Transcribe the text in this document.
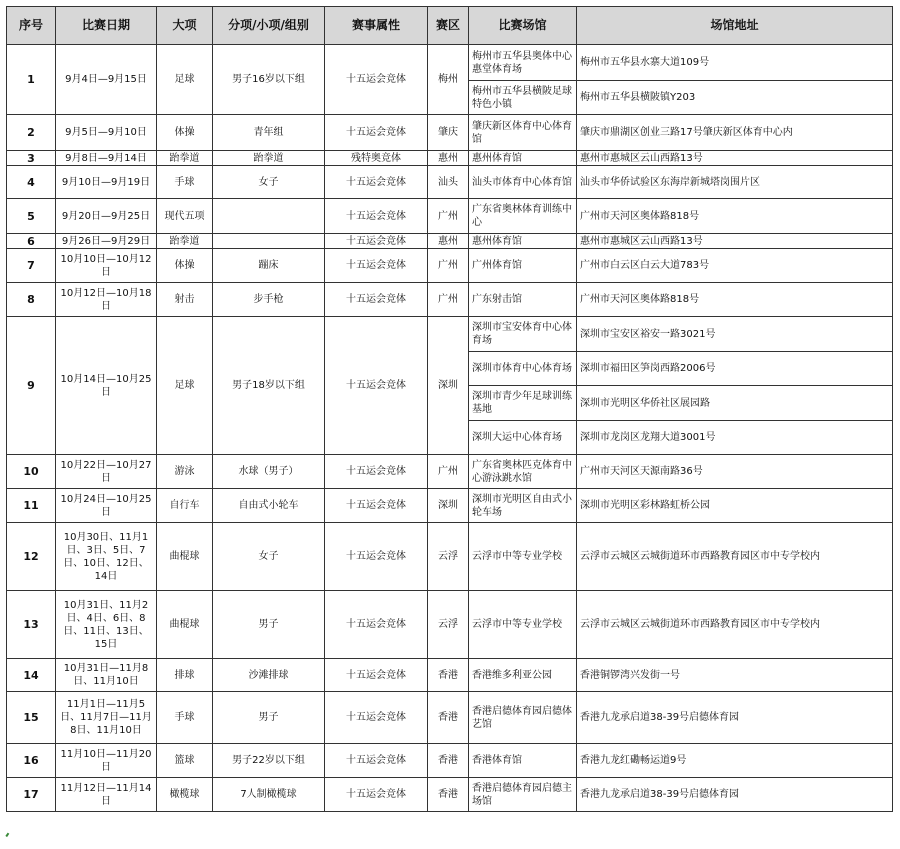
序号	比赛日期	大项	分项/小项/组别	赛事属性	赛区	比赛场馆	场馆地址
1	9月4日—9月15日	足球	男子16岁以下组	十五运会竞体	梅州	梅州市五华县奥体中心惠堂体育场	梅州市五华县水寨大道109号
						梅州市五华县横陂足球特色小镇	梅州市五华县横陂镇Y203
2	9月5日—9月10日	体操	青年组	十五运会竞体	肇庆	肇庆新区体育中心体育馆	肇庆市鼎湖区创业三路17号肇庆新区体育中心内
3	9月8日—9月14日	跆拳道	跆拳道	残特奥竞体	惠州	惠州体育馆	惠州市惠城区云山西路13号
4	9月10日—9月19日	手球	女子	十五运会竞体	汕头	汕头市体育中心体育馆	汕头市华侨试验区东海岸新城塔岗围片区
5	9月20日—9月25日	现代五项		十五运会竞体	广州	广东省奥林体育训练中心	广州市天河区奥体路818号
6	9月26日—9月29日	跆拳道		十五运会竞体	惠州	惠州体育馆	惠州市惠城区云山西路13号
7	10月10日—10月12日	体操	蹦床	十五运会竞体	广州	广州体育馆	广州市白云区白云大道783号
8	10月12日—10月18日	射击	步手枪	十五运会竞体	广州	广东射击馆	广州市天河区奥体路818号
9	10月14日—10月25日	足球	男子18岁以下组	十五运会竞体	深圳	深圳市宝安体育中心体育场	深圳市宝安区裕安一路3021号
						深圳市体育中心体育场	深圳市福田区笋岗西路2006号
						深圳市青少年足球训练基地	深圳市光明区华侨社区展园路
						深圳大运中心体育场	深圳市龙岗区龙翔大道3001号
10	10月22日—10月27日	游泳	水球（男子）	十五运会竞体	广州	广东省奥林匹克体育中心游泳跳水馆	广州市天河区天源南路36号
11	10月24日—10月25日	自行车	自由式小轮车	十五运会竞体	深圳	深圳市光明区自由式小轮车场	深圳市光明区彩林路虹桥公园
12	10月30日、11月1日、3日、5日、7日、10日、12日、14日	曲棍球	女子	十五运会竞体	云浮	云浮市中等专业学校	云浮市云城区云城街道环市西路教育园区市中专学校内
13	10月31日、11月2日、4日、6日、8日、11日、13日、15日	曲棍球	男子	十五运会竞体	云浮	云浮市中等专业学校	云浮市云城区云城街道环市西路教育园区市中专学校内
14	10月31日—11月8日、11月10日	排球	沙滩排球	十五运会竞体	香港	香港维多利亚公园	香港铜锣湾兴发街一号
15	11月1日—11月5日、11月7日—11月8日、11月10日	手球	男子	十五运会竞体	香港	香港启德体育园启德体艺馆	香港九龙承启道38-39号启德体育园
16	11月10日—11月20日	篮球	男子22岁以下组	十五运会竞体	香港	香港体育馆	香港九龙红磡畅运道9号
17	11月12日—11月14日	橄榄球	7人制橄榄球	十五运会竞体	香港	香港启德体育园启德主场馆	香港九龙承启道38-39号启德体育园
